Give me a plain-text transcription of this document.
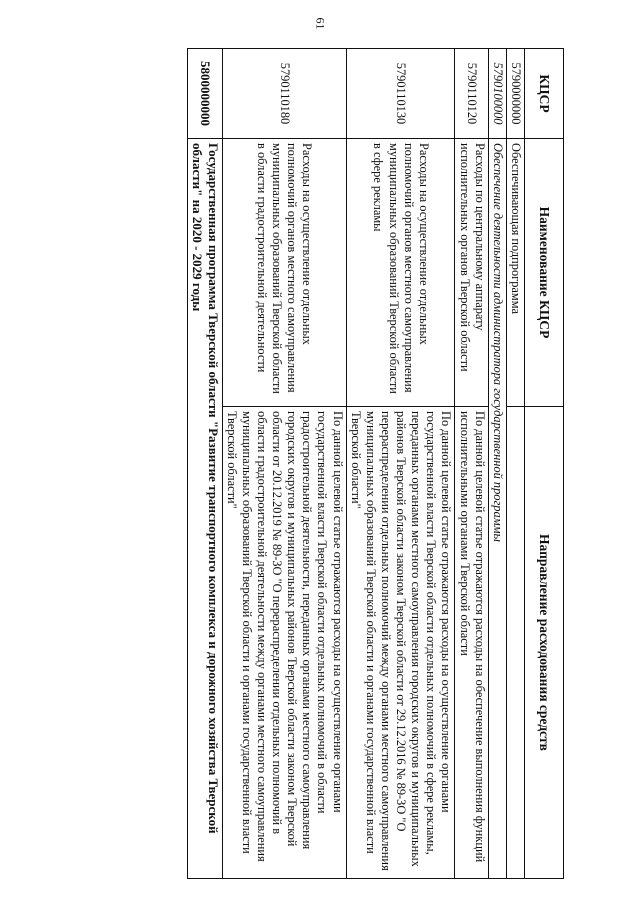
61
КЦСР	Наименование КЦСР	Направление расходования средств
5790000000	Обеспечивающая подпрограмма	
5790100000	Обеспечение деятельности администратора государственной программы	
5790110120	Расходы по центральному аппарату исполнительных органов Тверской области	По данной целевой статье отражаются расходы на обеспечение выполнения функций исполнительными органами Тверской области
5790110130	Расходы на осуществление отдельных полномочий органов местного самоуправления муниципальных образований Тверской области в сфере рекламы	По данной целевой статье отражаются расходы на осуществление органами государственной власти Тверской области отдельных полномочий в сфере рекламы, переданных органами местного самоуправления городских округов и муниципальных районов Тверской области законом Тверской области от 29.12.2016 № 89-ЗО "О перераспределении отдельных полномочий между органами местного самоуправления муниципальных образований Тверской области и органами государственной власти Тверской области"
5790110180	Расходы на осуществление отдельных полномочий органов местного самоуправления муниципальных образований Тверской области в области градостроительной деятельности	По данной целевой статье отражаются расходы на осуществление органами государственной власти Тверской области отдельных полномочий в области градостроительной деятельности, переданных органами местного самоуправления городских округов и муниципальных районов Тверской области законом Тверской области от 20.12.2019 № 89-ЗО "О перераспределении отдельных полномочий в области градостроительной деятельности между органами местного самоуправления муниципальных образований Тверской области и органами государственной власти Тверской области"
5800000000	Государственная программа Тверской области "Развитие транспортного комплекса и дорожного хозяйства Тверской области" на 2020 - 2029 годы	
